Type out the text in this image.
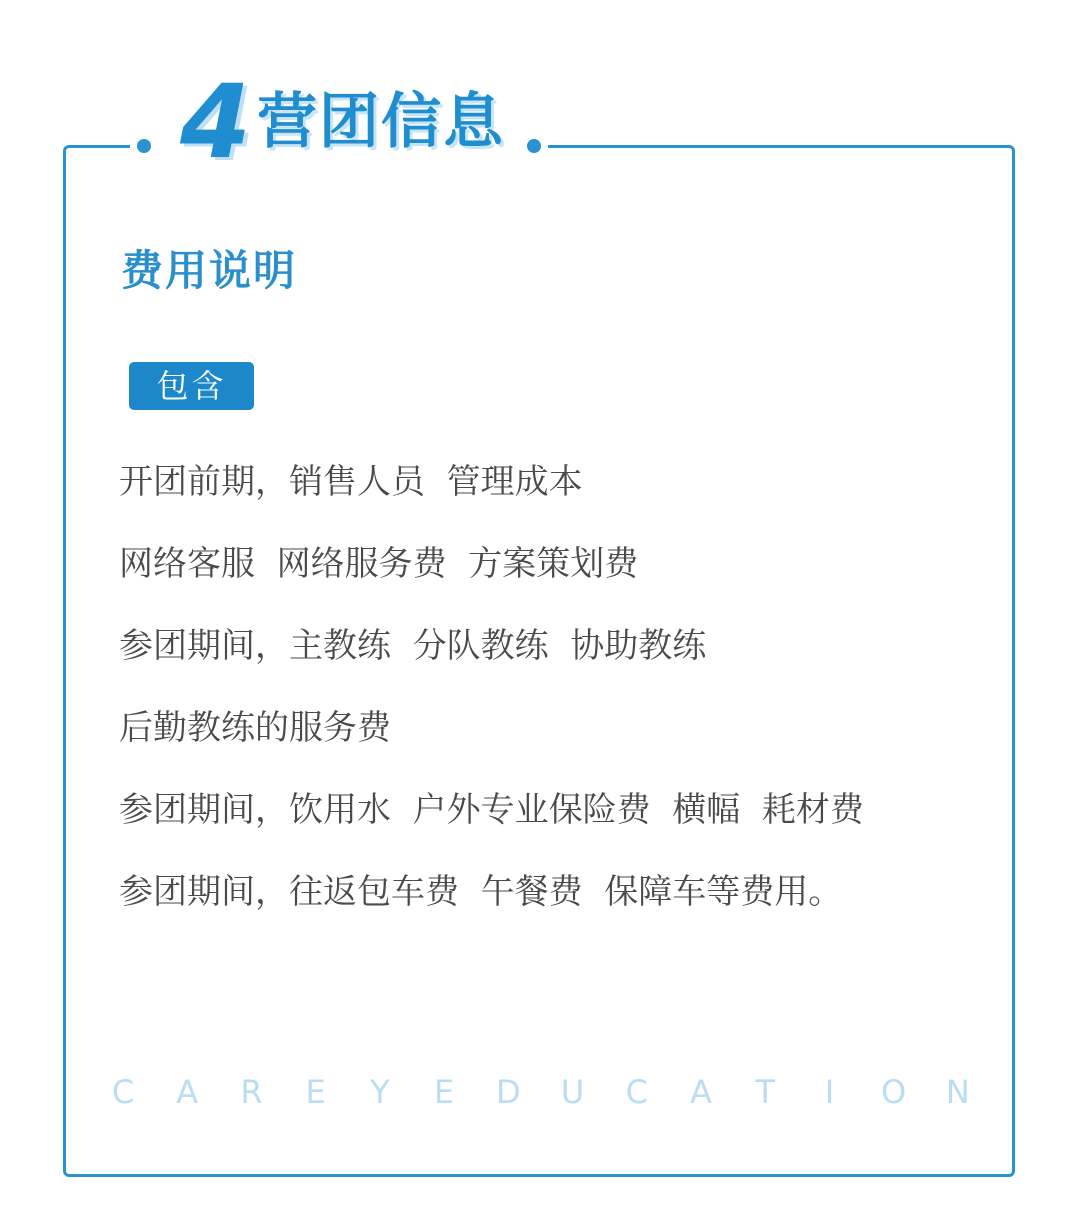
4 营团信息
费用说明
包含
开团前期，销售人员  管理成本
网络客服  网络服务费  方案策划费
参团期间，主教练  分队教练  协助教练
后勤教练的服务费
参团期间，饮用水  户外专业保险费  横幅  耗材费
参团期间，往返包车费  午餐费  保障车等费用。
C A R E Y E D U C A T	I	O N
